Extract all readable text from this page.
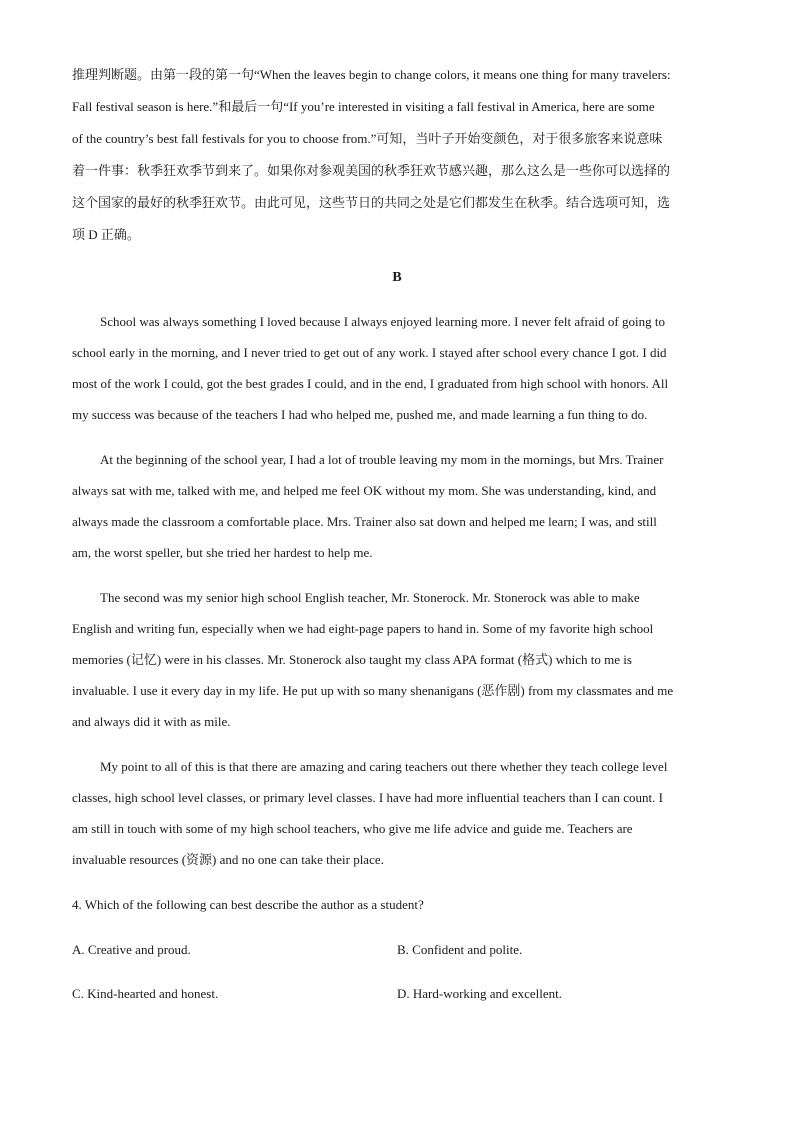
推理判断题。由第一段的第一句“When the leaves begin to change colors, it means one thing for many travelers:
Fall festival season is here.”和最后一句“If you’re interested in visiting a fall festival in America, here are some
of the country’s best fall festivals for you to choose from.”可知，当叶子开始变颜色，对于很多旅客来说意味
着一件事：秋季狂欢季节到来了。如果你对参观美国的秋季狂欢节感兴趣，那么这么是一些你可以选择的
这个国家的最好的秋季狂欢节。由此可见，这些节日的共同之处是它们都发生在秋季。结合选项可知，选
项 D 正确。
B
School was always something I loved because I always enjoyed learning more. I never felt afraid of going to
school early in the morning, and I never tried to get out of any work. I stayed after school every chance I got. I did
most of the work I could, got the best grades I could, and in the end, I graduated from high school with honors. All
my success was because of the teachers I had who helped me, pushed me, and made learning a fun thing to do.
At the beginning of the school year, I had a lot of trouble leaving my mom in the mornings, but Mrs. Trainer
always sat with me, talked with me, and helped me feel OK without my mom. She was understanding, kind, and
always made the classroom a comfortable place. Mrs. Trainer also sat down and helped me learn; I was, and still
am, the worst speller, but she tried her hardest to help me.
The second was my senior high school English teacher, Mr. Stonerock. Mr. Stonerock was able to make
English and writing fun, especially when we had eight-page papers to hand in. Some of my favorite high school
memories (记忆) were in his classes. Mr. Stonerock also taught my class APA format (格式) which to me is
invaluable. I use it every day in my life. He put up with so many shenanigans (恶作剧) from my classmates and me
and always did it with as mile.
My point to all of this is that there are amazing and caring teachers out there whether they teach college level
classes, high school level classes, or primary level classes. I have had more influential teachers than I can count. I
am still in touch with some of my high school teachers, who give me life advice and guide me. Teachers are
invaluable resources (资源) and no one can take their place.
4. Which of the following can best describe the author as a student?
A. Creative and proud.	B. Confident and polite.
C. Kind-hearted and honest.	D. Hard-working and excellent.
